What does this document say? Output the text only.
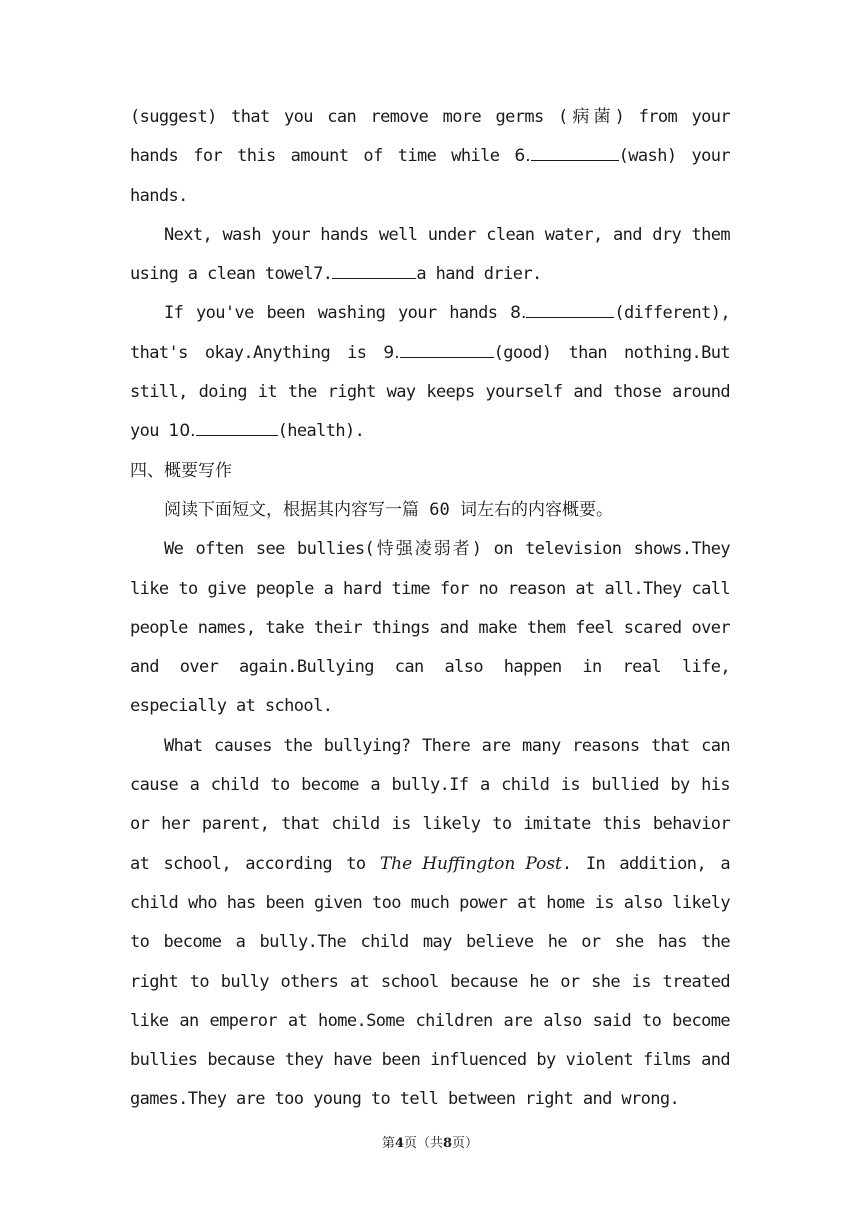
(suggest) that you can remove more germs (病菌) from your hands for this amount of time while 6.	(wash) your hands.

Next, wash your hands well under clean water, and dry them using a clean towel7.	a hand drier.

If you've been washing your hands 8.	(different), that's okay.Anything is 9.	(good) than nothing.But still, doing it the right way keeps yourself and those around you 10.	(health).

四、概要写作

阅读下面短文，根据其内容写一篇 60 词左右的内容概要。

We often see bullies(恃强凌弱者) on television shows.They like to give people a hard time for no reason at all.They call people names, take their things and make them feel scared over and over again.Bullying can also happen in real life, especially at school.

What causes the bullying? There are many reasons that can cause a child to become a bully.If a child is bullied by his or her parent, that child is likely to imitate this behavior at school, according to The Huffington Post. In addition, a child who has been given too much power at home is also likely to become a bully.The child may believe he or she has the right to bully others at school because he or she is treated like an emperor at home.Some children are also said to become bullies because they have been influenced by violent films and games.They are too young to tell between right and wrong.

第4页（共8页）
